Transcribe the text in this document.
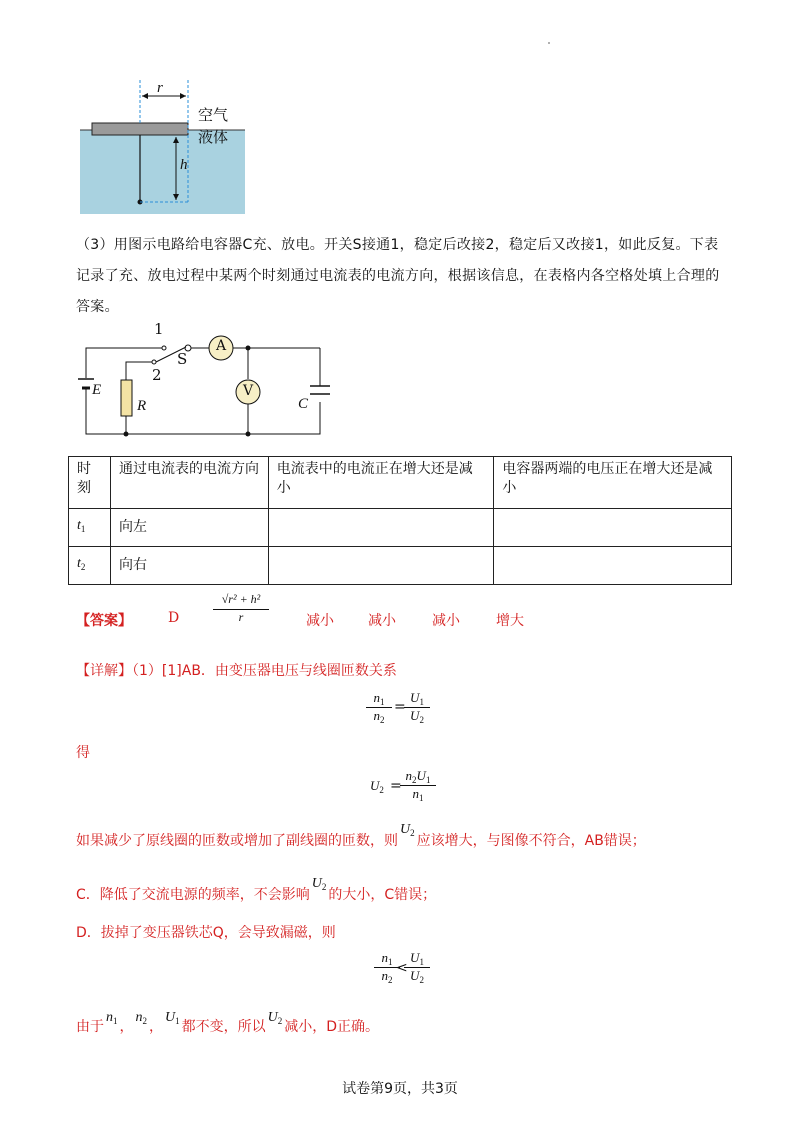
r
h
空气
液体
（3）用图示电路给电容器C充、放电。开关S接通1，稳定后改接2，稳定后又改接1，如此反复。下表
记录了充、放电过程中某两个时刻通过电流表的电流方向，根据该信息，在表格内各空格处填上合理的
答案。
1
S
2
A
V
E
R	C
时刻	通过电流表的电流方向	电流表中的电流正在增大还是减小	电容器两端的电压正在增大还是减小
$t_1$	向左		
$t_2$	向右		
【答案】	D	$\frac{\text{√r² + h²}}{r}$	减小 减小	减小	增大
【详解】（1）[1]AB．由变压器电压与线圈匝数关系
$\frac{n_1}{n_2}$ =
$\frac{U_1}{U_2}$
得
$U_2$ =
$\frac{n_2U_1}{n_1}$
如果减少了原线圈的匝数或增加了副线圈的匝数，则$U_2$ 应该增大，与图像不符合，AB错误；
C．降低了交流电源的频率，不会影响$U_2$ 的大小，C错误；
D．拔掉了变压器铁芯Q，会导致漏磁，则
$\frac{n_1}{n_2}$
<
$\frac{U_1}{U_2}$
由于$n_1$ ，$n_2$ ，$U_1$ 都不变，所以$U_2$ 减小，D正确。
试卷第9页，共3页
